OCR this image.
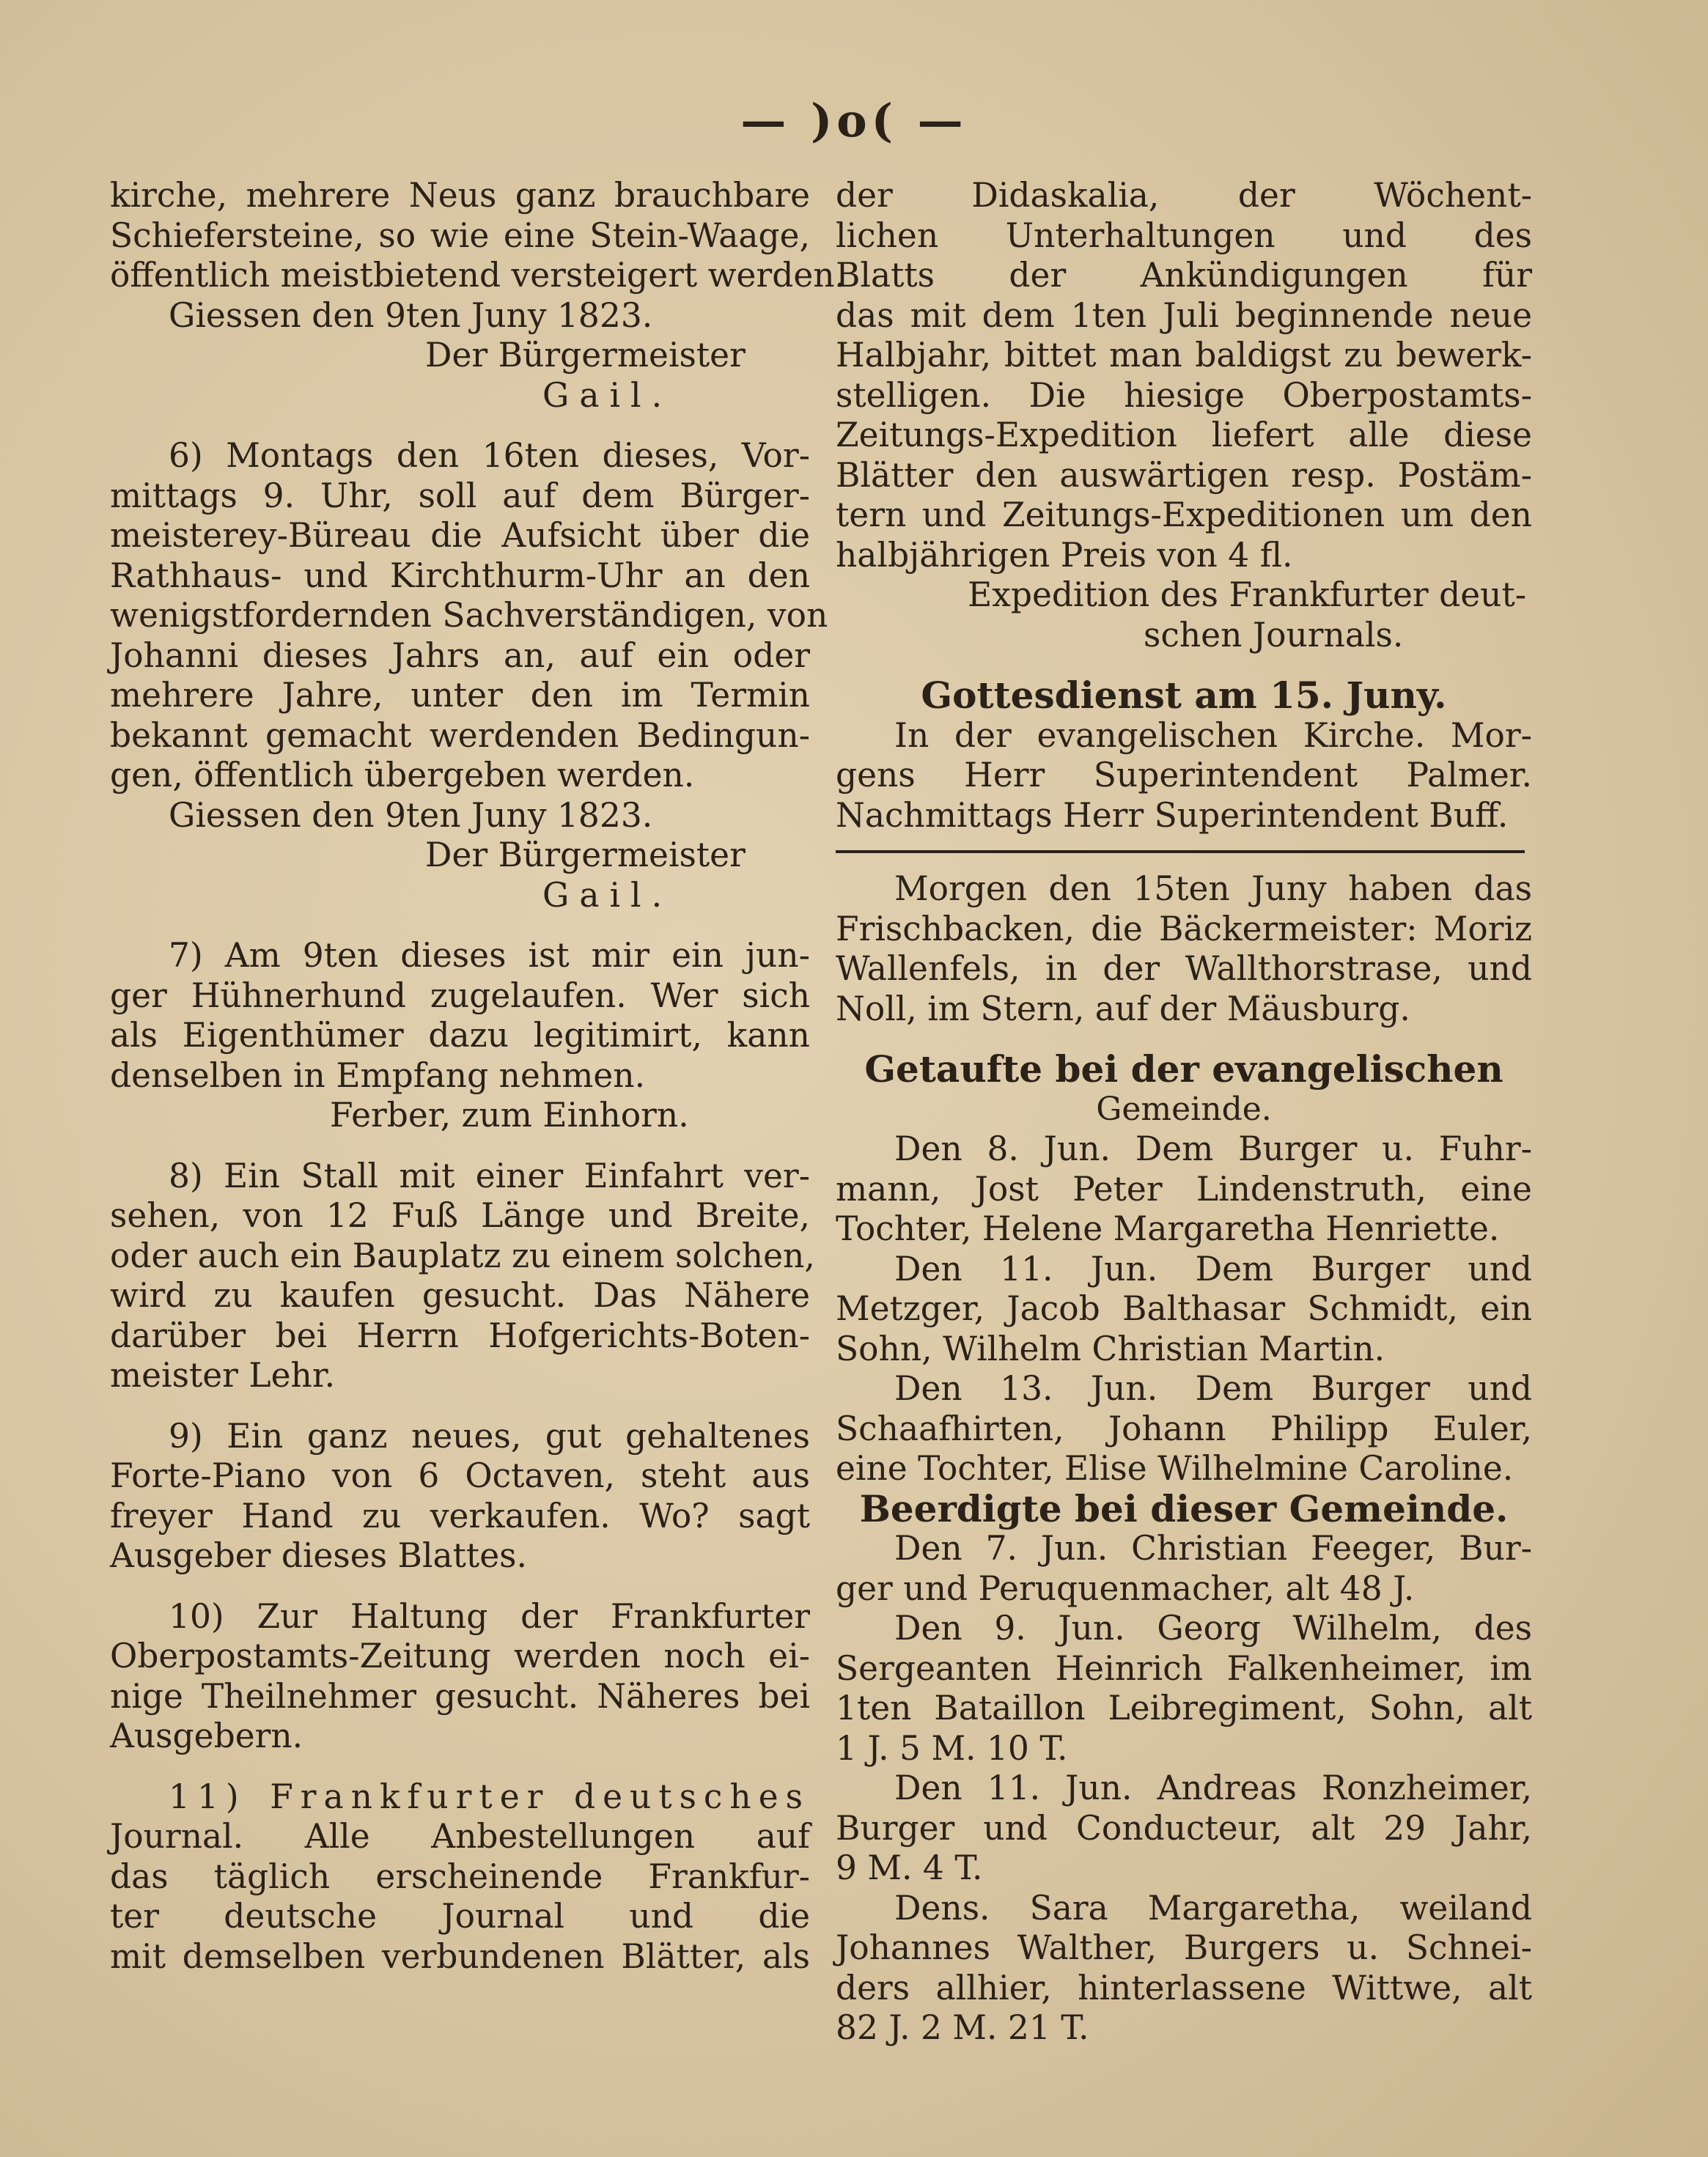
— )o( —
kirche, mehrere Neus ganz brauchbare
Schiefersteine, so wie eine Stein-Waage,
öffentlich meistbietend versteigert werden.
Giessen den 9ten Juny 1823.
Der Bürgermeister
Gail.
6) Montags den 16ten dieses, Vor-
mittags 9. Uhr, soll auf dem Bürger-
meisterey-Büreau die Aufsicht über die
Rathhaus- und Kirchthurm-Uhr an den
wenigstfordernden Sachverständigen, von
Johanni dieses Jahrs an, auf ein oder
mehrere Jahre, unter den im Termin
bekannt gemacht werdenden Bedingun-
gen, öffentlich übergeben werden.
Giessen den 9ten Juny 1823.
Der Bürgermeister
Gail.
7) Am 9ten dieses ist mir ein jun-
ger Hühnerhund zugelaufen. Wer sich
als Eigenthümer dazu legitimirt, kann
denselben in Empfang nehmen.
Ferber, zum Einhorn.
8) Ein Stall mit einer Einfahrt ver-
sehen, von 12 Fuß Länge und Breite,
oder auch ein Bauplatz zu einem solchen,
wird zu kaufen gesucht. Das Nähere
darüber bei Herrn Hofgerichts-Boten-
meister Lehr.
9) Ein ganz neues, gut gehaltenes
Forte-Piano von 6 Octaven, steht aus
freyer Hand zu verkaufen. Wo? sagt
Ausgeber dieses Blattes.
10) Zur Haltung der Frankfurter
Oberpostamts-Zeitung werden noch ei-
nige Theilnehmer gesucht. Näheres bei
Ausgebern.
11) Frankfurter deutsches
Journal. Alle Anbestellungen auf
das täglich erscheinende Frankfur-
ter deutsche Journal und die
mit demselben verbundenen Blätter, als
der Didaskalia, der Wöchent-
lichen Unterhaltungen und des
Blatts der Ankündigungen für
das mit dem 1ten Juli beginnende neue
Halbjahr, bittet man baldigst zu bewerk-
stelligen. Die hiesige Oberpostamts-
Zeitungs-Expedition liefert alle diese
Blätter den auswärtigen resp. Postäm-
tern und Zeitungs-Expeditionen um den
halbjährigen Preis von 4 fl.
Expedition des Frankfurter deut-
schen Journals.
Gottesdienst am 15. Juny.
In der evangelischen Kirche. Mor-
gens Herr Superintendent Palmer.
Nachmittags Herr Superintendent Buff.
Morgen den 15ten Juny haben das
Frischbacken, die Bäckermeister: Moriz
Wallenfels, in der Wallthorstrase, und
Noll, im Stern, auf der Mäusburg.
Getaufte bei der evangelischen
Gemeinde.
Den 8. Jun. Dem Burger u. Fuhr-
mann, Jost Peter Lindenstruth, eine
Tochter, Helene Margaretha Henriette.
Den 11. Jun. Dem Burger und
Metzger, Jacob Balthasar Schmidt, ein
Sohn, Wilhelm Christian Martin.
Den 13. Jun. Dem Burger und
Schaafhirten, Johann Philipp Euler,
eine Tochter, Elise Wilhelmine Caroline.
Beerdigte bei dieser Gemeinde.
Den 7. Jun. Christian Feeger, Bur-
ger und Peruquenmacher, alt 48 J.
Den 9. Jun. Georg Wilhelm, des
Sergeanten Heinrich Falkenheimer, im
1ten Bataillon Leibregiment, Sohn, alt
1 J. 5 M. 10 T.
Den 11. Jun. Andreas Ronzheimer,
Burger und Conducteur, alt 29 Jahr,
9 M. 4 T.
Dens. Sara Margaretha, weiland
Johannes Walther, Burgers u. Schnei-
ders allhier, hinterlassene Wittwe, alt
82 J. 2 M. 21 T.
